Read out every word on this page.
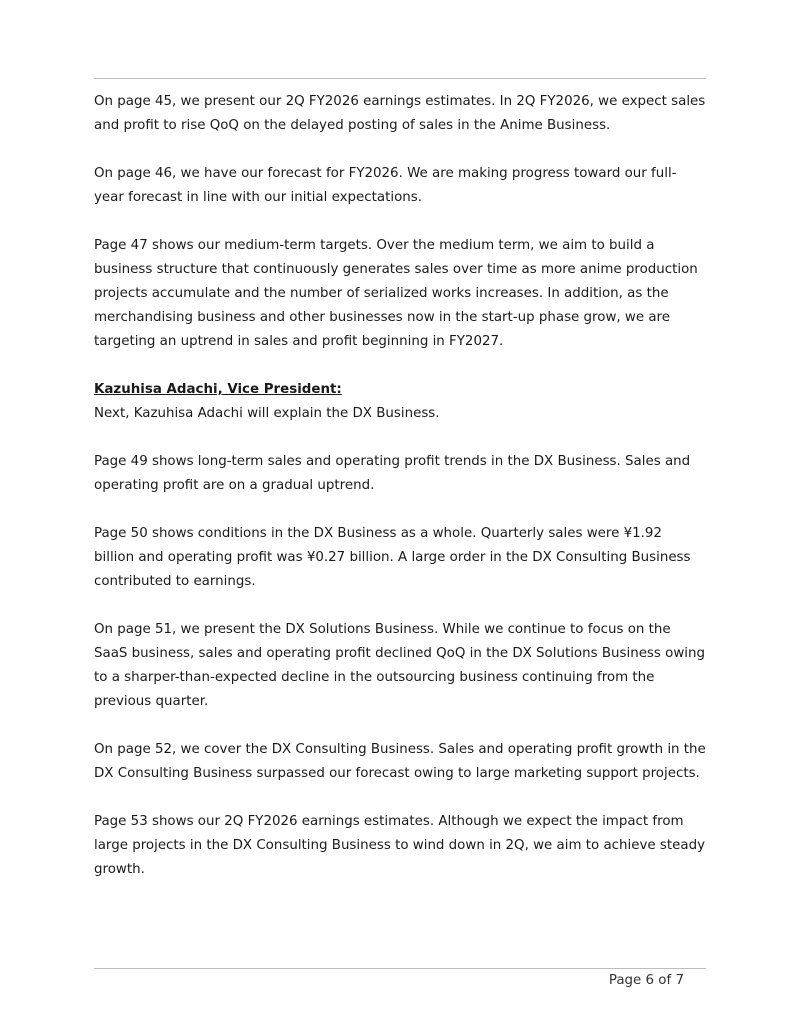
On page 45, we present our 2Q FY2026 earnings estimates. In 2Q FY2026, we expect sales and profit to rise QoQ on the delayed posting of sales in the Anime Business.

On page 46, we have our forecast for FY2026. We are making progress toward our full-year forecast in line with our initial expectations.

Page 47 shows our medium-term targets. Over the medium term, we aim to build a business structure that continuously generates sales over time as more anime production projects accumulate and the number of serialized works increases. In addition, as the merchandising business and other businesses now in the start-up phase grow, we are targeting an uptrend in sales and profit beginning in FY2027.

Kazuhisa Adachi, Vice President:

Next, Kazuhisa Adachi will explain the DX Business.

Page 49 shows long-term sales and operating profit trends in the DX Business. Sales and operating profit are on a gradual uptrend.

Page 50 shows conditions in the DX Business as a whole. Quarterly sales were ¥1.92 billion and operating profit was ¥0.27 billion. A large order in the DX Consulting Business contributed to earnings.

On page 51, we present the DX Solutions Business. While we continue to focus on the SaaS business, sales and operating profit declined QoQ in the DX Solutions Business owing to a sharper-than-expected decline in the outsourcing business continuing from the previous quarter.

On page 52, we cover the DX Consulting Business. Sales and operating profit growth in the DX Consulting Business surpassed our forecast owing to large marketing support projects.

Page 53 shows our 2Q FY2026 earnings estimates. Although we expect the impact from large projects in the DX Consulting Business to wind down in 2Q, we aim to achieve steady growth.

Page 6 of 7
